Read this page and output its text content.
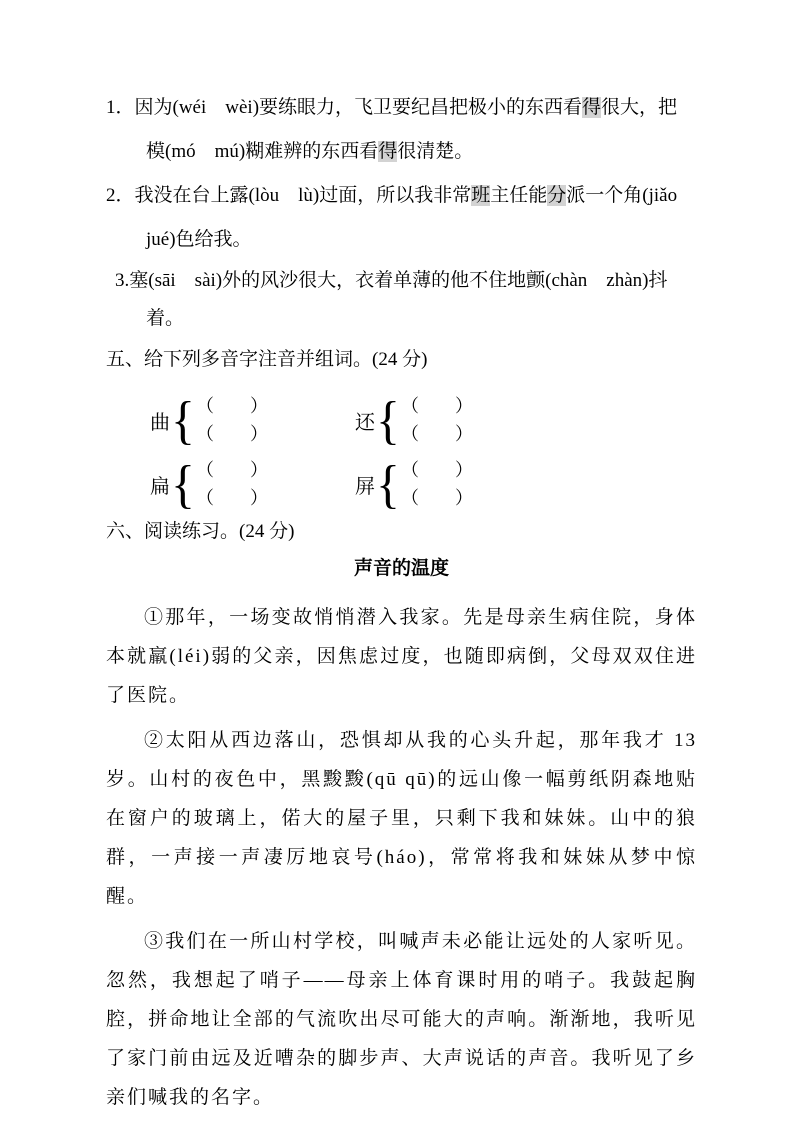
1．因为(wéi　wèi)要练眼力，飞卫要纪昌把极小的东西看得很大，把
模(mó　mú)糊难辨的东西看得很清楚。
2．我没在台上露(lòu　lù)过面，所以我非常班主任能分派一个角(jiǎo
jué)色给我。
3.塞(sāi　sài)外的风沙很大，衣着单薄的他不住地颤(chàn　zhàn)抖
着。
五、给下列多音字注音并组词。(24 分)
曲 { （　　）
（　　）
还 { （　　）
（　　）
扁 { （　　）
（　　）
屏 { （　　）
（　　）
六、阅读练习。(24 分)

声音的温度

①那年，一场变故悄悄潜入我家。先是母亲生病住院，身体本就羸(léi)弱的父亲，因焦虑过度，也随即病倒，父母双双住进了医院。

②太阳从西边落山，恐惧却从我的心头升起，那年我才 13 岁。山村的夜色中，黑黢黢(qū qū)的远山像一幅剪纸阴森地贴在窗户的玻璃上，偌大的屋子里，只剩下我和妹妹。山中的狼群，一声接一声凄厉地哀号(háo)，常常将我和妹妹从梦中惊醒。

③我们在一所山村学校，叫喊声未必能让远处的人家听见。忽然，我想起了哨子——母亲上体育课时用的哨子。我鼓起胸腔，拼命地让全部的气流吹出尽可能大的声响。渐渐地，我听见了家门前由远及近嘈杂的脚步声、大声说话的声音。我听见了乡亲们喊我的名字。
